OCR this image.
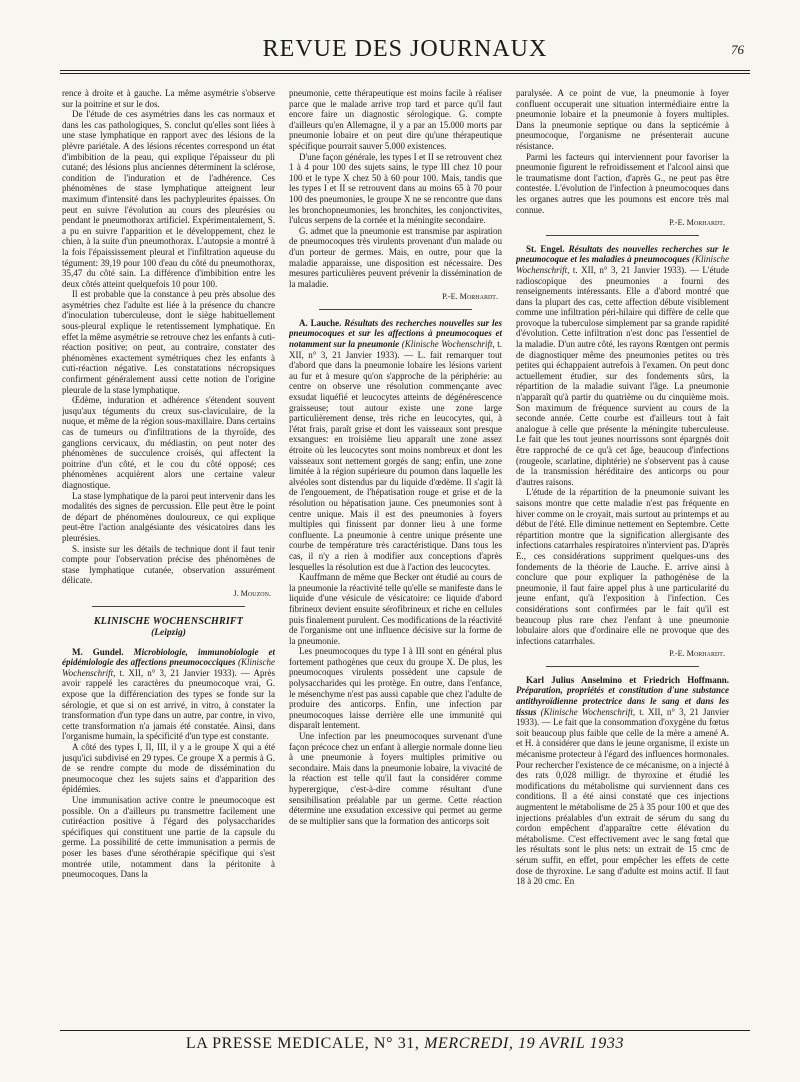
REVUE DES JOURNAUX	76

rence à droite et à gauche. La même asymétrie s'observe sur la poitrine et sur le dos.

De l'étude de ces asymétries dans les cas normaux et dans les cas pathologiques, S. conclut qu'elles sont liées à une stase lymphatique en rapport avec des lésions de la plèvre pariétale. A des lésions récentes correspond un état d'imbibition de la peau, qui explique l'épaisseur du pli cutané; des lésions plus anciennes déterminent la sclérose, condition de l'induration et de l'adhérence. Ces phénomènes de stase lymphatique atteignent leur maximum d'intensité dans les pachypleurites épaisses. On peut en suivre l'évolution au cours des pleurésies ou pendant le pneumothorax artificiel. Expérimentalement, S. a pu en suivre l'apparition et le développement, chez le chien, à la suite d'un pneumothorax. L'autopsie a montré à la fois l'épaississement pleural et l'infiltration aqueuse du tégument: 39,19 pour 100 d'eau du côté du pneumothorax, 35,47 du côté sain. La différence d'imbibition entre les deux côtés atteint quelquefois 10 pour 100.

Il est probable que la constance à peu près absolue des asymétries chez l'adulte est liée à la présence du chancre d'inoculation tuberculeuse, dont le siège habituellement sous-pleural explique le retentissement lymphatique. En effet la même asymétrie se retrouve chez les enfants à cuti-réaction positive; on peut, au contraire, constater des phénomènes exactement symétriques chez les enfants à cuti-réaction négative. Les constatations nécropsiques confirment généralement aussi cette notion de l'origine pleurale de la stase lymphatique.

Œdème, induration et adhérence s'étendent souvent jusqu'aux téguments du creux sus-claviculaire, de la nuque, et même de la région sous-maxillaire. Dans certains cas de tumeurs ou d'infiltrations de la thyroïde, des ganglions cervicaux, du médiastin, on peut noter des phénomènes de succulence croisés, qui affectent la poitrine d'un côté, et le cou du côté opposé; ces phénomènes acquièrent alors une certaine valeur diagnostique.

La stase lymphatique de la paroi peut intervenir dans les modalités des signes de percussion. Elle peut être le point de départ de phénomènes douloureux, ce qui explique peut-être l'action analgésiante des vésicatoires dans les pleurésies.

S. insiste sur les détails de technique dont il faut tenir compte pour l'observation précise des phénomènes de stase lymphatique cutanée, observation assurément délicate.

J. Mouzon.
KLINISCHE WOCHENSCHRIFT
(Leipzig)

M. Gundel. Microbiologie, immunobiologie et épidémiologie des affections pneumococciques (Klinische Wochenschrift, t. XII, n° 3, 21 Janvier 1933). — Après avoir rappelé les caractères du pneumocoque vrai, G. expose que la différenciation des types se fonde sur la sérologie, et que si on est arrivé, in vitro, à constater la transformation d'un type dans un autre, par contre, in vivo, cette transformation n'a jamais été constatée. Ainsi, dans l'organisme humain, la spécificité d'un type est constante.

A côté des types I, II, III, il y a le groupe X qui a été jusqu'ici subdivisé en 29 types. Ce groupe X a permis à G. de se rendre compte du mode de dissémination du pneumocoque chez les sujets sains et d'apparition des épidémies.

Une immunisation active contre le pneumocoque est possible. On a d'ailleurs pu transmettre facilement une cutiréaction positive à l'égard des polysaccharides spécifiques qui constituent une partie de la capsule du germe. La possibilité de cette immunisation a permis de poser les bases d'une sérothérapie spécifique qui s'est montrée utile, notamment dans la péritonite à pneumocoques. Dans la

pneumonie, cette thérapeutique est moins facile à réaliser parce que le malade arrive trop tard et parce qu'il faut encore faire un diagnostic sérologique. G. compte d'ailleurs qu'en Allemagne, il y a par an 15.000 morts par pneumonie lobaire et on peut dire qu'une thérapeutique spécifique pourrait sauver 5.000 existences.

D'une façon générale, les types I et II se retrouvent chez 1 à 4 pour 100 des sujets sains, le type III chez 10 pour 100 et le type X chez 50 à 60 pour 100. Mais, tandis que les types I et II se retrouvent dans au moins 65 à 70 pour 100 des pneumonies, le groupe X ne se rencontre que dans les bronchopneumonies, les bronchites, les conjonctivites, l'ulcus serpens de la cornée et la méningite secondaire.

G. admet que la pneumonie est transmise par aspiration de pneumocoques très virulents provenant d'un malade ou d'un porteur de germes. Mais, en outre, pour que la maladie apparaisse, une disposition est nécessaire. Des mesures particulières peuvent prévenir la dissémination de la maladie.

P.-E. Morhardt.

A. Lauche. Résultats des recherches nouvelles sur les pneumocoques et sur les affections à pneumocoques et notamment sur la pneumonie (Klinische Wochenschrift, t. XII, n° 3, 21 Janvier 1933). — L. fait remarquer tout d'abord que dans la pneumonie lobaire les lésions varient au fur et à mesure qu'on s'approche de la périphérie: au centre on observe une résolution commençante avec exsudat liquéfié et leucocytes atteints de dégénérescence graisseuse; tout autour existe une zone large particulièrement dense, très riche en leucocytes, qui, à l'état frais, paraît grise et dont les vaisseaux sont presque exsangues: en troisième lieu apparaît une zone assez étroite où les leucocytes sont moins nombreux et dont les vaisseaux sont nettement gorgés de sang; enfin, une zone limitée à la région supérieure du poumon dans laquelle les alvéoles sont distendus par du liquide d'œdème. Il s'agit là de l'engouement, de l'hépatisation rouge et grise et de la résolution ou hépatisation jaune. Ces pneumonies sont à centre unique. Mais il est des pneumonies à foyers multiples qui finissent par donner lieu à une forme confluente. La pneumonie à centre unique présente une courbe de température très caractéristique. Dans tous les cas, il n'y a rien à modifier aux conceptions d'après lesquelles la résolution est due à l'action des leucocytes.

Kauffmann de même que Becker ont étudié au cours de la pneumonie la réactivité telle qu'elle se manifeste dans le liquide d'une vésicule de vésicatoire: ce liquide d'abord fibrineux devient ensuite sérofibrineux et riche en cellules puis finalement purulent. Ces modifications de la réactivité de l'organisme ont une influence décisive sur la forme de la pneumonie.

Les pneumocoques du type I à III sont en général plus fortement pathogènes que ceux du groupe X. De plus, les pneumocoques virulents possèdent une capsule de polysaccharides qui les protège. En outre, dans l'enfance, le mésenchyme n'est pas aussi capable que chez l'adulte de produire des anticorps. Enfin, une infection par pneumocoques laisse derrière elle une immunité qui disparaît lentement.

Une infection par les pneumocoques survenant d'une façon précoce chez un enfant à allergie normale donne lieu à une pneumonie à foyers multiples primitive ou secondaire. Mais dans la pneumonie lobaire, la vivacité de la réaction est telle qu'il faut la considérer comme hyperergique, c'est-à-dire comme résultant d'une sensibilisation préalable par un germe. Cette réaction détermine une exsudation excessive qui permet au germe de se multiplier sans que la formation des anticorps soit

paralysée. A ce point de vue, la pneumonie à foyer confluent occuperait une situation intermédiaire entre la pneumonie lobaire et la pneumonie à foyers multiples. Dans la pneumonie septique ou dans la septicémie à pneumocoque, l'organisme ne présenterait aucune résistance.

Parmi les facteurs qui interviennent pour favoriser la pneumonie figurent le refroidissement et l'alcool ainsi que le traumatisme dont l'action, d'après G., ne peut pas être contestée. L'évolution de l'infection à pneumocoques dans les organes autres que les poumons est encore très mal connue.

P.-E. Morhardt.

St. Engel. Résultats des nouvelles recherches sur le pneumocoque et les maladies à pneumocoques (Klinische Wochenschrift, t. XII, n° 3, 21 Janvier 1933). — L'étude radioscopique des pneumonies a fourni des renseignements intéressants. Elle a d'abord montré que dans la plupart des cas, cette affection débute visiblement comme une infiltration péri-hilaire qui diffère de celle que provoque la tuberculose simplement par sa grande rapidité d'évolution. Cette infiltration n'est donc pas l'essentiel de la maladie. D'un autre côté, les rayons Rœntgen ont permis de diagnostiquer même des pneumonies petites ou très petites qui échappaient autrefois à l'examen. On peut donc actuellement étudier, sur des fondements sûrs, la répartition de la maladie suivant l'âge. La pneumonie n'apparaît qu'à partir du quatrième ou du cinquième mois. Son maximum de fréquence survient au cours de la seconde année. Cette courbe est d'ailleurs tout à fait analogue à celle que présente la méningite tuberculeuse. Le fait que les tout jeunes nourrissons sont épargnés doit être rapproché de ce qu'à cet âge, beaucoup d'infections (rougeole, scarlatine, diphtérie) ne s'observent pas à cause de la transmission héréditaire des anticorps ou pour d'autres raisons.

L'étude de la répartition de la pneumonie suivant les saisons montre que cette maladie n'est pas fréquente en hiver comme on le croyait, mais surtout au printemps et au début de l'été. Elle diminue nettement en Septembre. Cette répartition montre que la signification allergisante des infections catarrhales respiratoires n'intervient pas. D'après E., ces considérations suppriment quelques-uns des fondements de la théorie de Lauche. E. arrive ainsi à conclure que pour expliquer la pathogénèse de la pneumonie, il faut faire appel plus à une particularité du jeune enfant, qu'à l'exposition à l'infection. Ces considérations sont confirmées par le fait qu'il est beaucoup plus rare chez l'enfant à une pneumonie lobulaire alors que d'ordinaire elle ne provoque que des infections catarrhales.

P.-E. Morhardt.

Karl Julius Anselmino et Friedrich Hoffmann. Préparation, propriétés et constitution d'une substance antithyroïdienne protectrice dans le sang et dans les tissus (Klinische Wochenschrift, t. XII, n° 3, 21 Janvier 1933). — Le fait que la consommation d'oxygène du fœtus soit beaucoup plus faible que celle de la mère a amené A. et H. à considérer que dans le jeune organisme, il existe un mécanisme protecteur à l'égard des influences hormonales. Pour rechercher l'existence de ce mécanisme, on a injecté à des rats 0,028 milligr. de thyroxine et étudié les modifications du métabolisme qui surviennent dans ces conditions. Il a été ainsi constaté que ces injections augmentent le métabolisme de 25 à 35 pour 100 et que des injections préalables d'un extrait de sérum du sang du cordon empêchent d'apparaître cette élévation du métabolisme. C'est effectivement avec le sang fœtal que les résultats sont le plus nets: un extrait de 15 cmc de sérum suffit, en effet, pour empêcher les effets de cette dose de thyroxine. Le sang d'adulte est moins actif. Il faut 18 à 20 cmc. En

LA PRESSE MEDICALE, N° 31, MERCREDI, 19 AVRIL 1933
